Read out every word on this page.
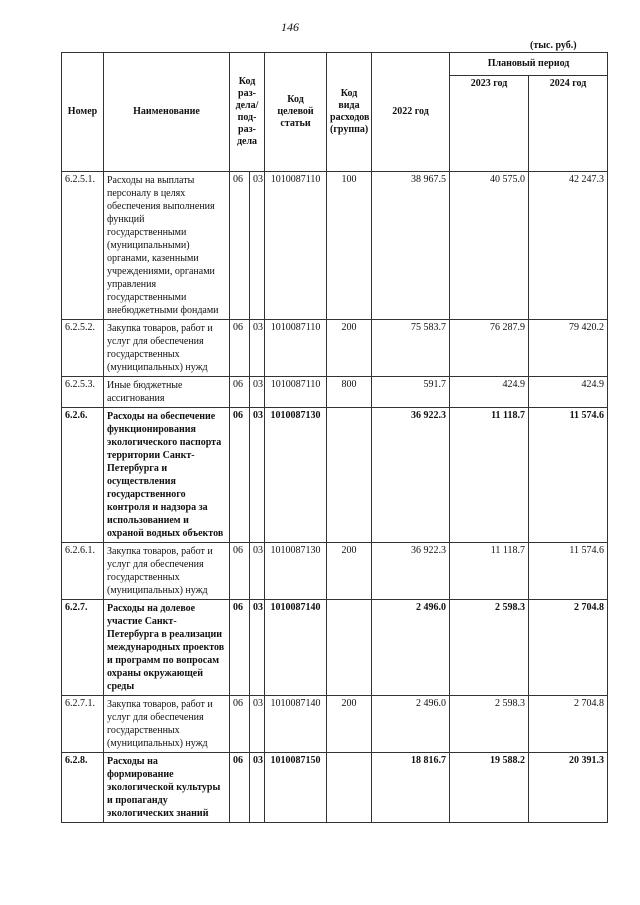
146
(тыс. руб.)
Номер	Наименование	Код раз-дела/ под-раз-дела		Код целевой статьи	Код вида расходов (группа)	2022 год	Плановый период	
							2023 год	2024 год
6.2.5.1.	Расходы на выплаты персоналу в целях обеспечения выполнения функций государственными (муниципальными) органами, казенными учреждениями, органами управления государственными внебюджетными фондами	06	03	1010087110	100	38 967.5	40 575.0	42 247.3
6.2.5.2.	Закупка товаров, работ и услуг для обеспечения государственных (муниципальных) нужд	06	03	1010087110	200	75 583.7	76 287.9	79 420.2
6.2.5.3.	Иные бюджетные ассигнования	06	03	1010087110	800	591.7	424.9	424.9
6.2.6.	Расходы на обеспечение функционирования экологического паспорта территории Санкт-Петербурга и осуществления государственного контроля и надзора за использованием и охраной водных объектов	06	03	1010087130		36 922.3	11 118.7	11 574.6
6.2.6.1.	Закупка товаров, работ и услуг для обеспечения государственных (муниципальных) нужд	06	03	1010087130	200	36 922.3	11 118.7	11 574.6
6.2.7.	Расходы на долевое участие Санкт-Петербурга в реализации международных проектов и программ по вопросам охраны окружающей среды	06	03	1010087140		2 496.0	2 598.3	2 704.8
6.2.7.1.	Закупка товаров, работ и услуг для обеспечения государственных (муниципальных) нужд	06	03	1010087140	200	2 496.0	2 598.3	2 704.8
6.2.8.	Расходы на формирование экологической культуры и пропаганду экологических знаний	06	03	1010087150		18 816.7	19 588.2	20 391.3
